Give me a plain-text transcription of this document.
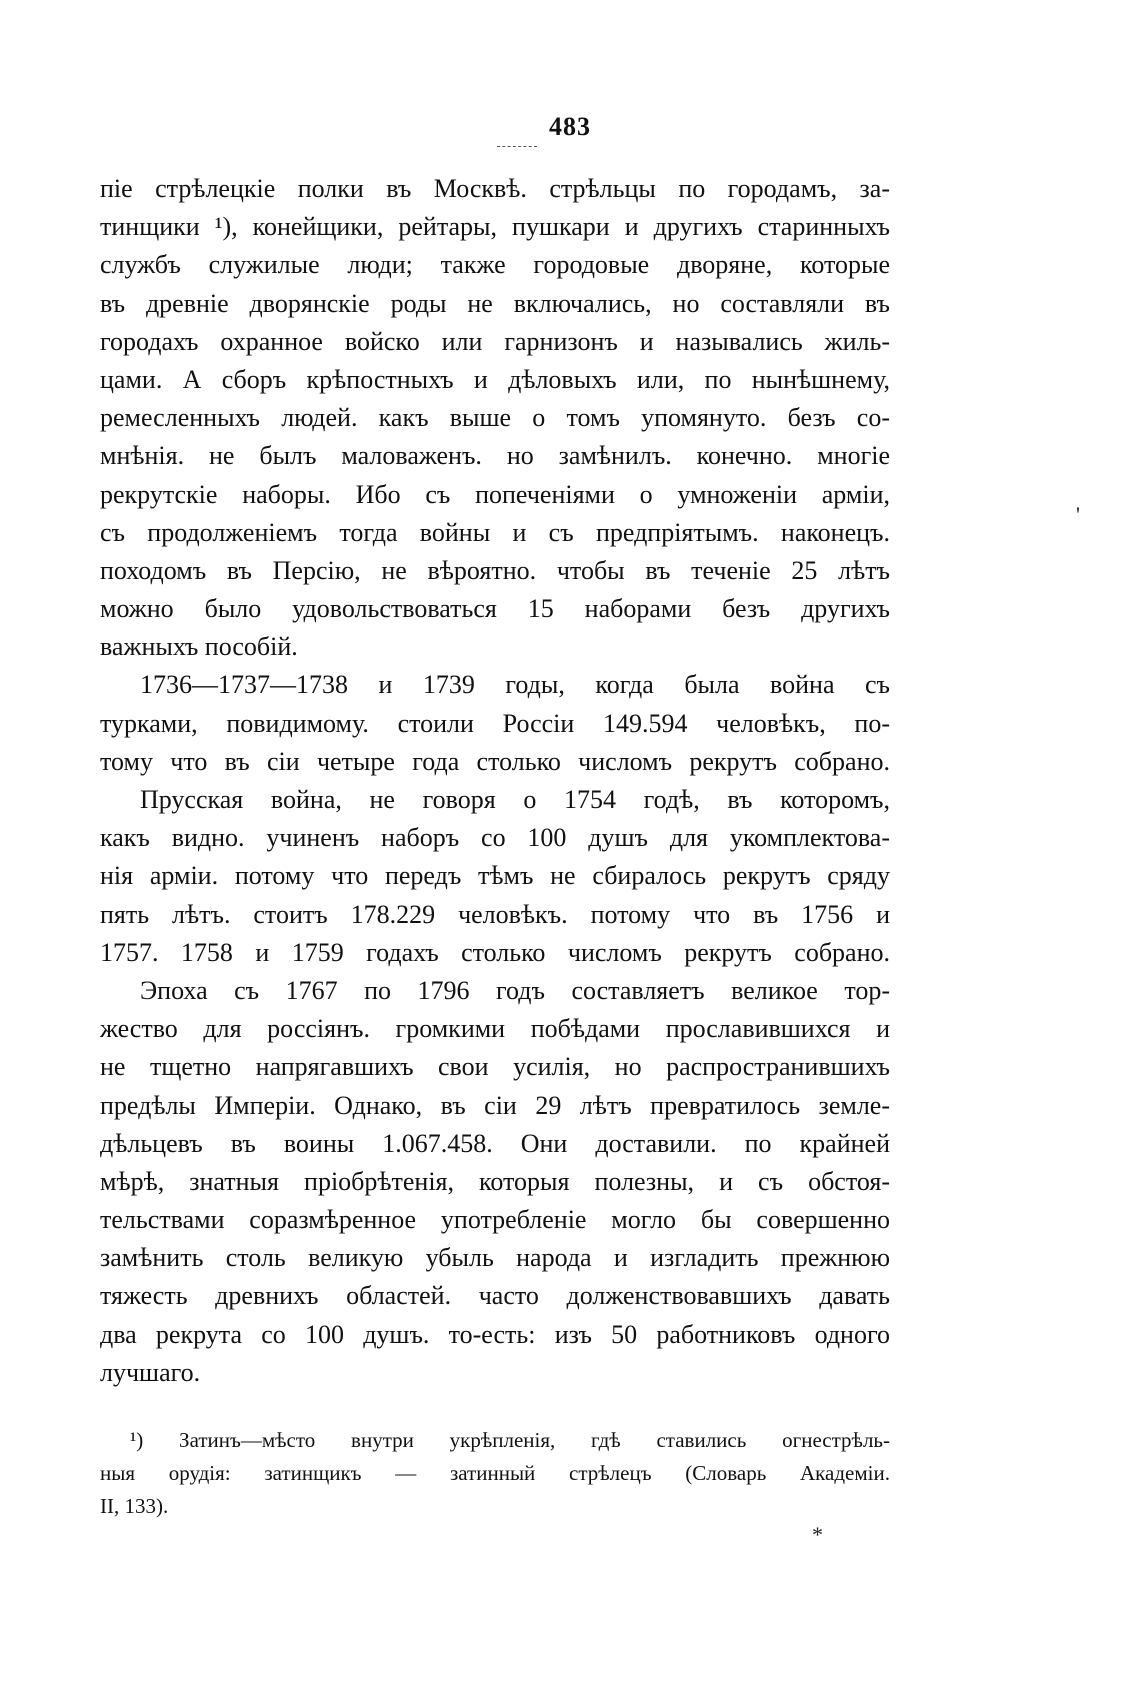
483
піе стрѣлецкіе полки въ Москвѣ. стрѣльцы по городамъ, за-
тинщики ¹), конейщики, рейтары, пушкари и другихъ старинныхъ
службъ служилые люди; также городовые дворяне, которые
въ древніе дворянскіе роды не включались, но составляли въ
городахъ охранное войско или гарнизонъ и назывались жиль-
цами. А сборъ крѣпостныхъ и дѣловыхъ или, по нынѣшнему,
ремесленныхъ людей. какъ выше о томъ упомянуто. безъ со-
мнѣнія. не былъ маловаженъ. но замѣнилъ. конечно. многіе
рекрутскіе наборы. Ибо съ попеченіями о умноженіи арміи,
съ продолженіемъ тогда войны и съ предпріятымъ. наконецъ.
походомъ въ Персію, не вѣроятно. чтобы въ теченіе 25 лѣтъ
можно было удовольствоваться 15 наборами безъ другихъ
важныхъ пособій.
1736—1737—1738 и 1739 годы, когда была война съ
турками, повидимому. стоили Россіи 149.594 человѣкъ, по-
тому что въ сіи четыре года столько числомъ рекрутъ собрано.
Прусская война, не говоря о 1754 годѣ, въ которомъ,
какъ видно. учиненъ наборъ со 100 душъ для укомплектова-
нія арміи. потому что передъ тѣмъ не сбиралось рекрутъ сряду
пять лѣтъ. стоитъ 178.229 человѣкъ. потому что въ 1756 и
1757. 1758 и 1759 годахъ столько числомъ рекрутъ собрано.
Эпоха съ 1767 по 1796 годъ составляетъ великое тор-
жество для россіянъ. громкими побѣдами прославившихся и
не тщетно напрягавшихъ свои усилія, но распространившихъ
предѣлы Имперіи. Однако, въ сіи 29 лѣтъ превратилось земле-
дѣльцевъ въ воины 1.067.458. Они доставили. по крайней
мѣрѣ, знатныя пріобрѣтенія, которыя полезны, и съ обстоя-
тельствами соразмѣренное употребленіе могло бы совершенно
замѣнить столь великую убыль народа и изгладить прежнюю
тяжесть древнихъ областей. часто долженствовавшихъ давать
два рекрута со 100 душъ. то-есть: изъ 50 работниковъ одного
лучшаго.
¹) Затинъ—мѣсто внутри укрѣпленія, гдѣ ставились огнестрѣль-
ныя орудія: затинщикъ — затинный стрѣлецъ (Словарь Академіи.
II, 133).
'
*
